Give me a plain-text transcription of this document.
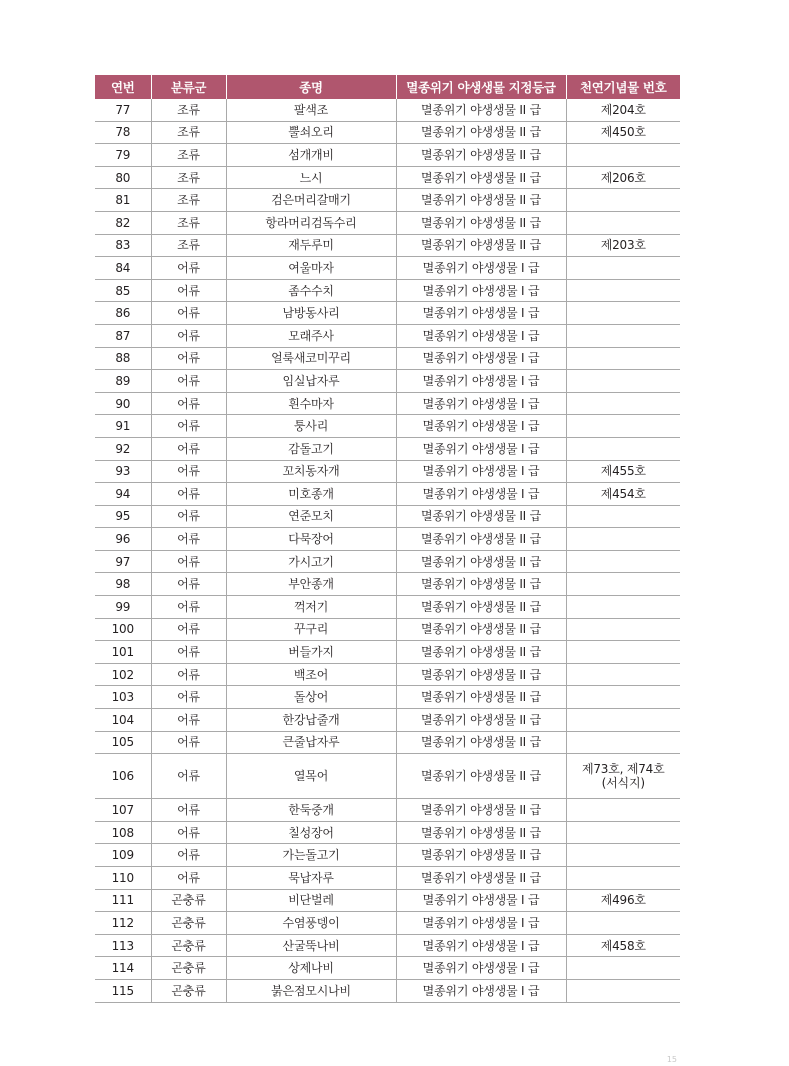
연번	분류군	종명	멸종위기 야생생물 지정등급	천연기념물 번호
77	조류	팔색조	멸종위기 야생생물 II 급	제204호
78	조류	뿔쇠오리	멸종위기 야생생물 II 급	제450호
79	조류	섬개개비	멸종위기 야생생물 II 급	
80	조류	느시	멸종위기 야생생물 II 급	제206호
81	조류	검은머리갈매기	멸종위기 야생생물 II 급	
82	조류	항라머리검독수리	멸종위기 야생생물 II 급	
83	조류	재두루미	멸종위기 야생생물 II 급	제203호
84	어류	여울마자	멸종위기 야생생물 I 급	
85	어류	좀수수치	멸종위기 야생생물 I 급	
86	어류	남방동사리	멸종위기 야생생물 I 급	
87	어류	모래주사	멸종위기 야생생물 I 급	
88	어류	얼룩새코미꾸리	멸종위기 야생생물 I 급	
89	어류	임실납자루	멸종위기 야생생물 I 급	
90	어류	흰수마자	멸종위기 야생생물 I 급	
91	어류	퉁사리	멸종위기 야생생물 I 급	
92	어류	감돌고기	멸종위기 야생생물 I 급	
93	어류	꼬치동자개	멸종위기 야생생물 I 급	제455호
94	어류	미호종개	멸종위기 야생생물 I 급	제454호
95	어류	연준모치	멸종위기 야생생물 II 급	
96	어류	다묵장어	멸종위기 야생생물 II 급	
97	어류	가시고기	멸종위기 야생생물 II 급	
98	어류	부안종개	멸종위기 야생생물 II 급	
99	어류	꺽저기	멸종위기 야생생물 II 급	
100	어류	꾸구리	멸종위기 야생생물 II 급	
101	어류	버들가지	멸종위기 야생생물 II 급	
102	어류	백조어	멸종위기 야생생물 II 급	
103	어류	돌상어	멸종위기 야생생물 II 급	
104	어류	한강납줄개	멸종위기 야생생물 II 급	
105	어류	큰줄납자루	멸종위기 야생생물 II 급	
106	어류	열목어	멸종위기 야생생물 II 급	제73호, 제74호
(서식지)
107	어류	한둑중개	멸종위기 야생생물 II 급	
108	어류	칠성장어	멸종위기 야생생물 II 급	
109	어류	가는돌고기	멸종위기 야생생물 II 급	
110	어류	묵납자루	멸종위기 야생생물 II 급	
111	곤충류	비단벌레	멸종위기 야생생물 I 급	제496호
112	곤충류	수염풍뎅이	멸종위기 야생생물 I 급	
113	곤충류	산굴뚝나비	멸종위기 야생생물 I 급	제458호
114	곤충류	상제나비	멸종위기 야생생물 I 급	
115	곤충류	붉은점모시나비	멸종위기 야생생물 I 급	
15
